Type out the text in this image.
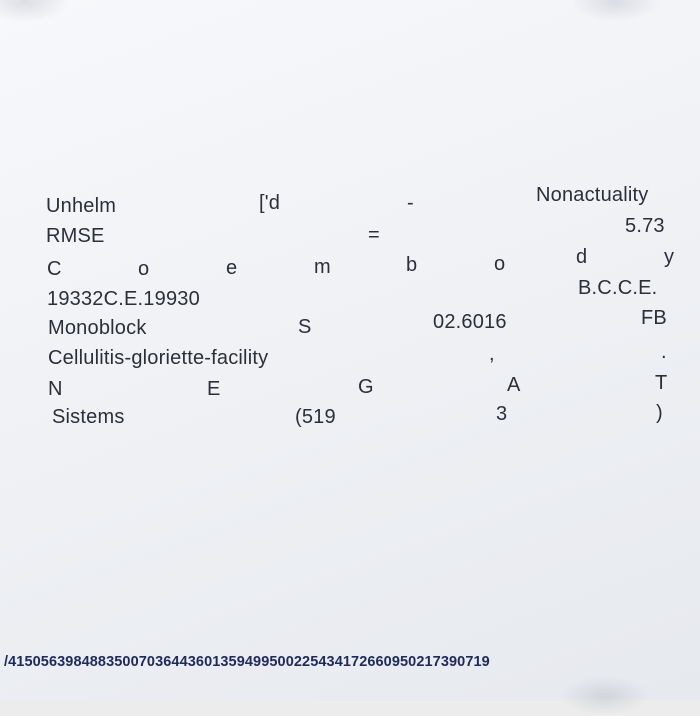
Unhelm	['d	-	Nonactuality
RMSE	=	5.73
C	o	e	m	b	o	d	y
19332C.E.19930	B.C.C.E.
Monoblock	S	02.6016	FB
Cellulitis-gloriette-facility	,	.
N	E	G	A	T
Sistems	(519	3	)
/41505639848835007036443601359499500225434172660950217390719
